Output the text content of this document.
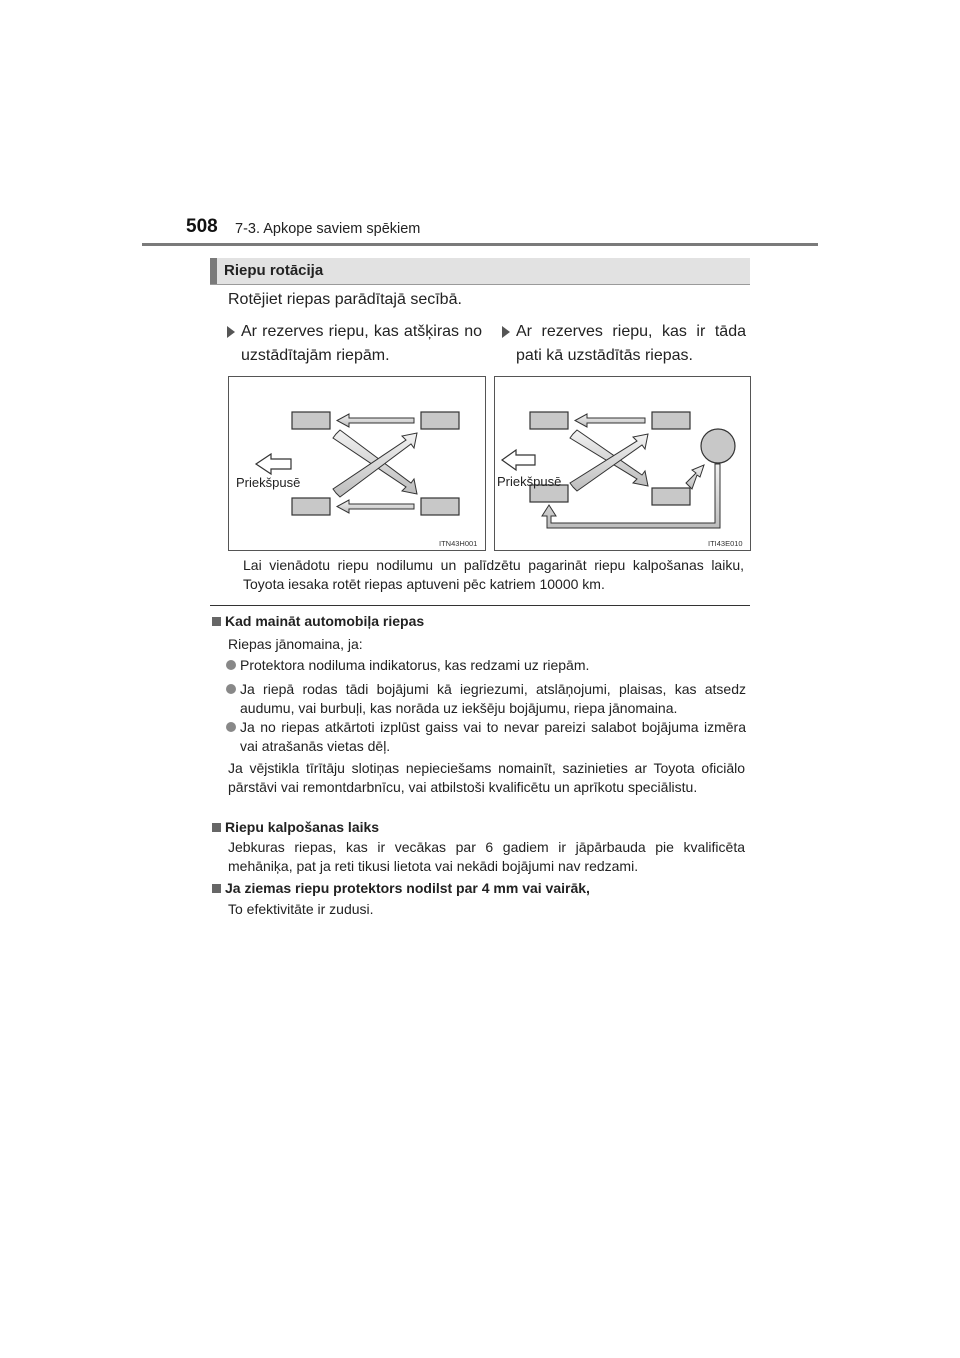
508 7-3. Apkope saviem spēkiem
Riepu rotācija
Rotējiet riepas parādītajā secībā.
Ar rezerves riepu, kas atšķiras no uzstādītajām riepām.
Ar rezerves riepu, kas ir tāda pati kā uzstādītās riepas.
Priekšpusē
ITN43H001
Priekšpusē
ITI43E010
Lai vienādotu riepu nodilumu un palīdzētu pagarināt riepu kalpošanas laiku, Toyota iesaka rotēt riepas aptuveni pēc katriem 10000 km.
Kad maināt automobiļa riepas
Riepas jānomaina, ja:
Protektora nodiluma indikatorus, kas redzami uz riepām.
Ja riepā rodas tādi bojājumi kā iegriezumi, atslāņojumi, plaisas, kas atsedz audumu, vai burbuļi, kas norāda uz iekšēju bojājumu, riepa jānomaina.
Ja no riepas atkārtoti izplūst gaiss vai to nevar pareizi salabot bojājuma izmēra vai atrašanās vietas dēļ.
Ja vējstikla tīrītāju slotiņas nepieciešams nomainīt, sazinieties ar Toyota oficiālo pārstāvi vai remontdarbnīcu, vai atbilstoši kvalificētu un aprīkotu speciālistu.
Riepu kalpošanas laiks
Jebkuras riepas, kas ir vecākas par 6 gadiem ir jāpārbauda pie kvalificēta mehāniķa, pat ja reti tikusi lietota vai nekādi bojājumi nav redzami.
Ja ziemas riepu protektors nodilst par 4 mm vai vairāk,
To efektivitāte ir zudusi.
